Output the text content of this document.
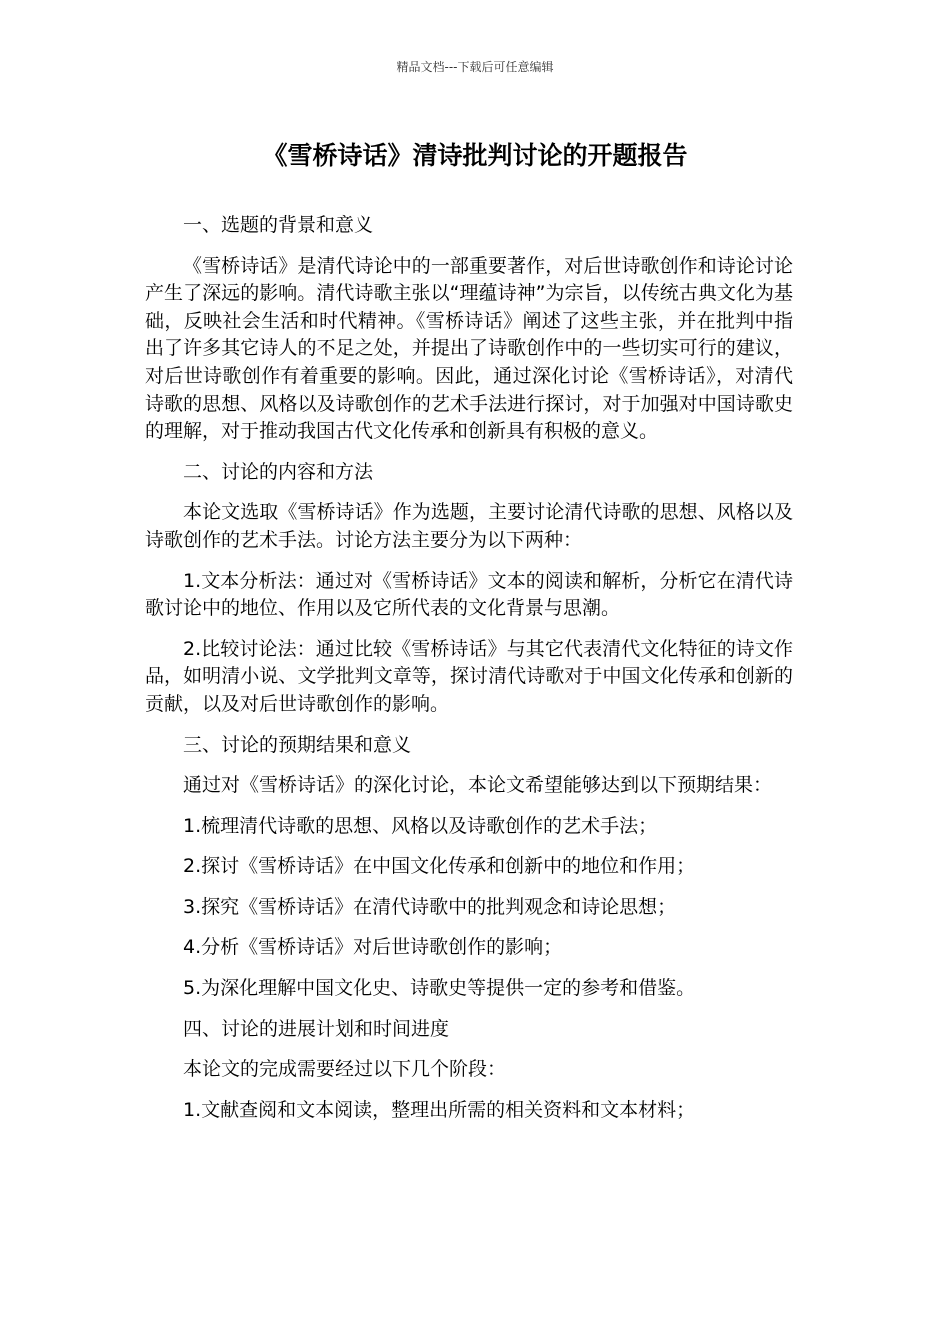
精品文档---下载后可任意编辑
《雪桥诗话》清诗批判讨论的开题报告

一、选题的背景和意义

《雪桥诗话》是清代诗论中的一部重要著作，对后世诗歌创作和诗论讨论产生了深远的影响。清代诗歌主张以“理蕴诗神”为宗旨，以传统古典文化为基础，反映社会生活和时代精神。《雪桥诗话》阐述了这些主张，并在批判中指出了许多其它诗人的不足之处，并提出了诗歌创作中的一些切实可行的建议，对后世诗歌创作有着重要的影响。因此，通过深化讨论《雪桥诗话》，对清代诗歌的思想、风格以及诗歌创作的艺术手法进行探讨，对于加强对中国诗歌史的理解，对于推动我国古代文化传承和创新具有积极的意义。

二、讨论的内容和方法

本论文选取《雪桥诗话》作为选题，主要讨论清代诗歌的思想、风格以及诗歌创作的艺术手法。讨论方法主要分为以下两种：

1.文本分析法：通过对《雪桥诗话》文本的阅读和解析，分析它在清代诗歌讨论中的地位、作用以及它所代表的文化背景与思潮。

2.比较讨论法：通过比较《雪桥诗话》与其它代表清代文化特征的诗文作品，如明清小说、文学批判文章等，探讨清代诗歌对于中国文化传承和创新的贡献，以及对后世诗歌创作的影响。

三、讨论的预期结果和意义

通过对《雪桥诗话》的深化讨论，本论文希望能够达到以下预期结果：

1.梳理清代诗歌的思想、风格以及诗歌创作的艺术手法；

2.探讨《雪桥诗话》在中国文化传承和创新中的地位和作用；

3.探究《雪桥诗话》在清代诗歌中的批判观念和诗论思想；

4.分析《雪桥诗话》对后世诗歌创作的影响；

5.为深化理解中国文化史、诗歌史等提供一定的参考和借鉴。

四、讨论的进展计划和时间进度

本论文的完成需要经过以下几个阶段：

1.文献查阅和文本阅读，整理出所需的相关资料和文本材料；
